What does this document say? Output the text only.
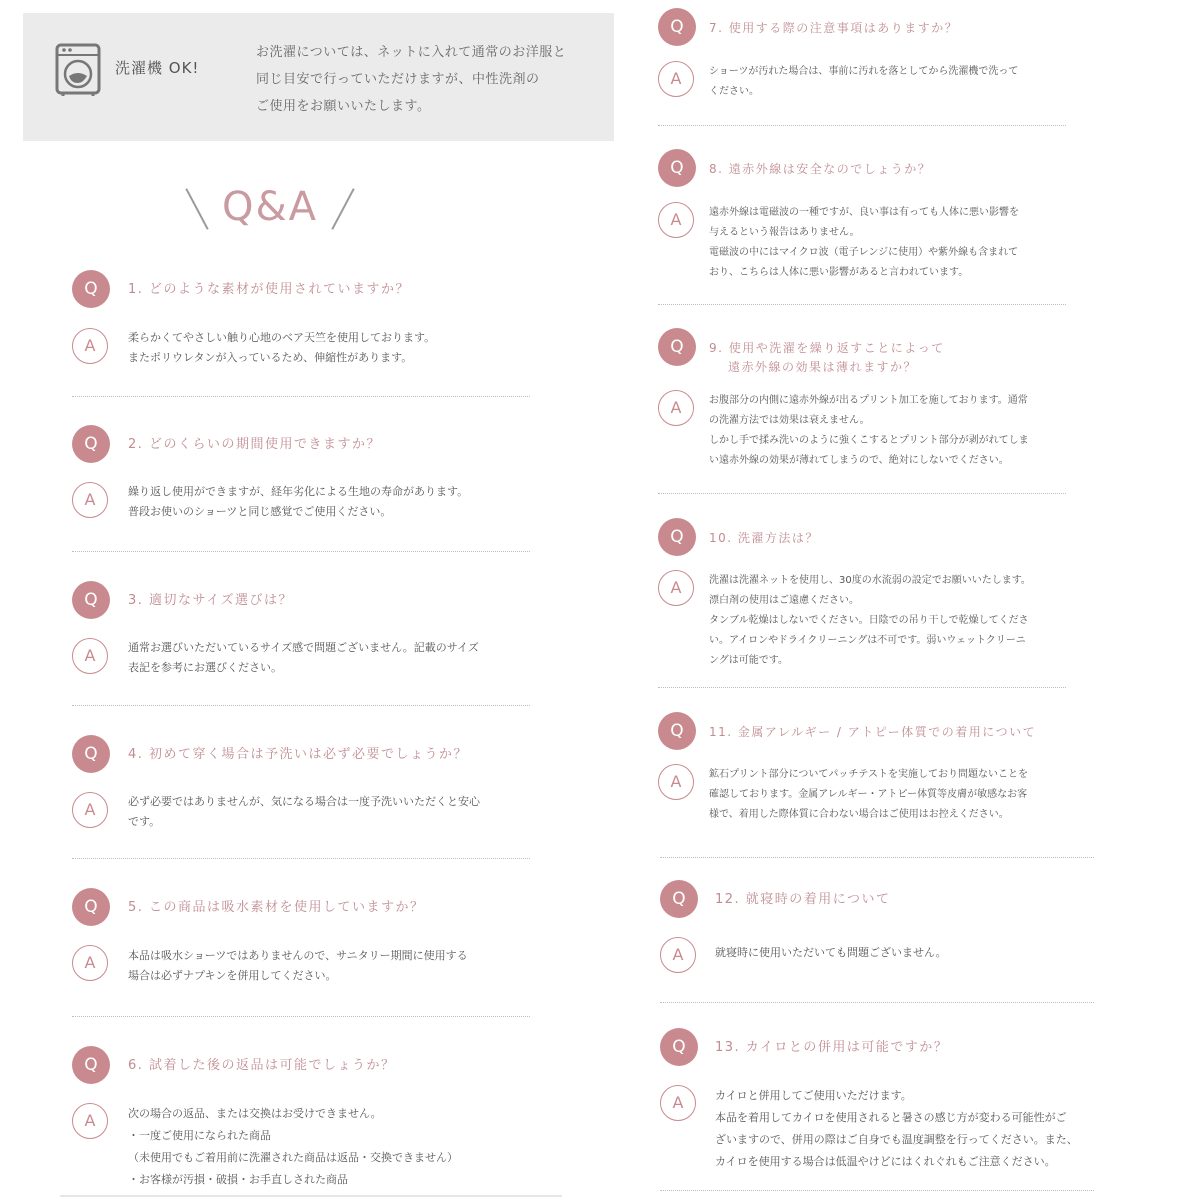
洗濯機 OK!
お洗濯については、ネットに入れて通常のお洋服と
同じ目安で行っていただけますが、中性洗剤の
ご使用をお願いいたします。
Q&A
Q	1. どのような素材が使用されていますか？
A	柔らかくてやさしい触り心地のベア天竺を使用しております。
またポリウレタンが入っているため、伸縮性があります。
Q	2. どのくらいの期間使用できますか？
A	繰り返し使用ができますが、経年劣化による生地の寿命があります。
普段お使いのショーツと同じ感覚でご使用ください。
Q	3. 適切なサイズ選びは？
A	通常お選びいただいているサイズ感で問題ございません。記載のサイズ
表記を参考にお選びください。
Q	4. 初めて穿く場合は予洗いは必ず必要でしょうか？
A	必ず必要ではありませんが、気になる場合は一度予洗いいただくと安心
です。
Q	5. この商品は吸水素材を使用していますか？
A	本品は吸水ショーツではありませんので、サニタリー期間に使用する
場合は必ずナプキンを併用してください。
Q	6. 試着した後の返品は可能でしょうか？
A	次の場合の返品、または交換はお受けできません。
・一度ご使用になられた商品
（未使用でもご着用前に洗濯された商品は返品・交換できません）
・お客様が汚損・破損・お手直しされた商品
Q	7. 使用する際の注意事項はありますか？
A	ショーツが汚れた場合は、事前に汚れを落としてから洗濯機で洗って
ください。
Q	8. 遠赤外線は安全なのでしょうか？
A	遠赤外線は電磁波の一種ですが、良い事は有っても人体に悪い影響を
与えるという報告はありません。
電磁波の中にはマイクロ波（電子レンジに使用）や紫外線も含まれて
おり、こちらは人体に悪い影響があると言われています。
Q	9. 使用や洗濯を繰り返すことによって
遠赤外線の効果は薄れますか？
A	お腹部分の内側に遠赤外線が出るプリント加工を施しております。通常
の洗濯方法では効果は衰えません。
しかし手で揉み洗いのように強くこするとプリント部分が剥がれてしま
い遠赤外線の効果が薄れてしまうので、絶対にしないでください。
Q	10. 洗濯方法は？
A	洗濯は洗濯ネットを使用し、30度の水流弱の設定でお願いいたします。
漂白剤の使用はご遠慮ください。
タンブル乾燥はしないでください。日陰での吊り干しで乾燥してくださ
い。アイロンやドライクリーニングは不可です。弱いウェットクリーニ
ングは可能です。
Q	11. 金属アレルギー / アトピー体質での着用について
A	鉱石プリント部分についてパッチテストを実施しており問題ないことを
確認しております。金属アレルギー・アトピー体質等皮膚が敏感なお客
様で、着用した際体質に合わない場合はご使用はお控えください。
Q	12. 就寝時の着用について
A	就寝時に使用いただいても問題ございません。
Q	13. カイロとの併用は可能ですか？
A	カイロと併用してご使用いただけます。
本品を着用してカイロを使用されると暑さの感じ方が変わる可能性がご
ざいますので、併用の際はご自身でも温度調整を行ってください。また、
カイロを使用する場合は低温やけどにはくれぐれもご注意ください。
